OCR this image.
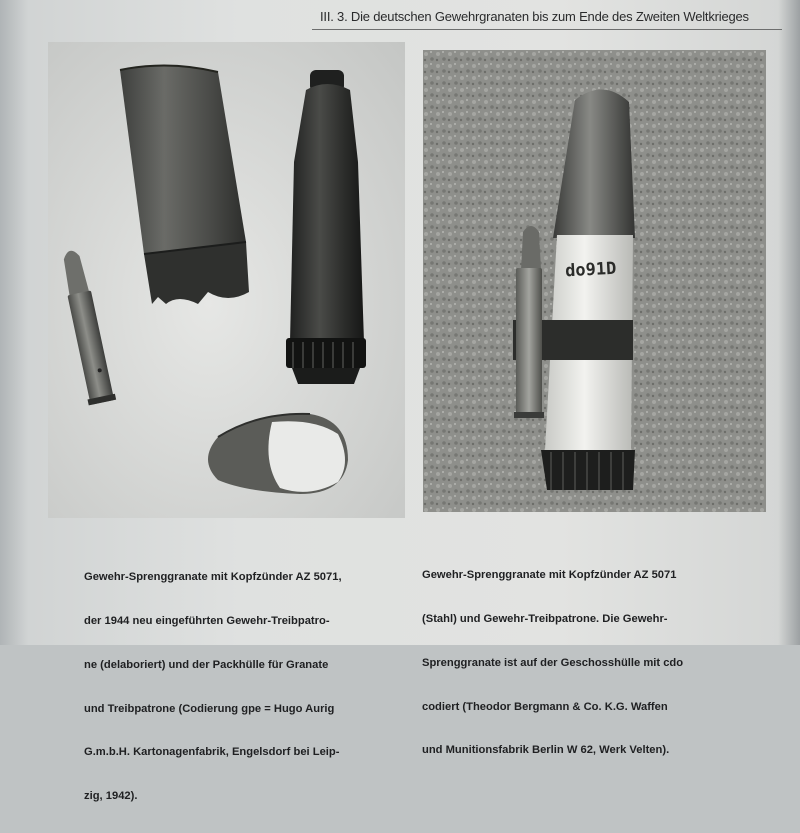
III. 3. Die deutschen Gewehrgranaten bis zum Ende des Zweiten Weltkrieges
do91D

Gewehr-Sprenggranate mit Kopfzünder AZ 5071,

der 1944 neu eingeführten Gewehr-Treibpatro-

ne (delaboriert) und der Packhülle für Granate

und Treibpatrone (Codierung gpe = Hugo Aurig

G.m.b.H. Kartonagenfabrik, Engelsdorf bei Leip-

zig, 1942).

Gewehr-Sprenggranate mit Kopfzünder AZ 5071

(Stahl) und Gewehr-Treibpatrone. Die Gewehr-

Sprenggranate ist auf der Geschosshülle mit cdo

codiert (Theodor Bergmann & Co. K.G. Waffen

und Munitionsfabrik Berlin W 62, Werk Velten).
